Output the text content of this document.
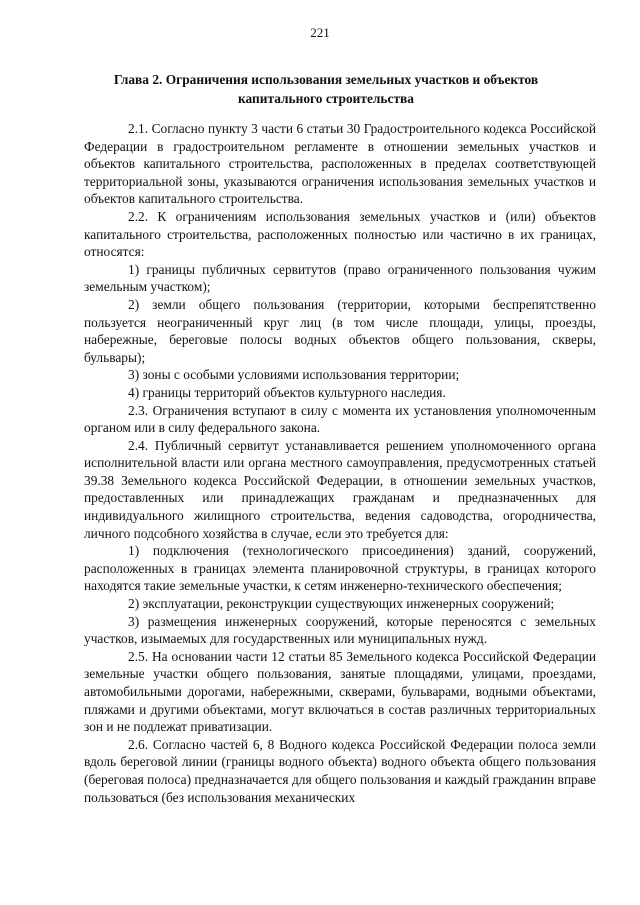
221
Глава 2. Ограничения использования земельных участков и объектов капитального строительства

2.1. Согласно пункту 3 части 6 статьи 30 Градостроительного кодекса Российской Федерации в градостроительном регламенте в отношении земельных участков и объектов капитального строительства, расположенных в пределах соответствующей территориальной зоны, указываются ограничения использования земельных участков и объектов капитального строительства.

2.2. К ограничениям использования земельных участков и (или) объектов капитального строительства, расположенных полностью или частично в их границах, относятся:

1) границы публичных сервитутов (право ограниченного пользования чужим земельным участком);

2) земли общего пользования (территории, которыми беспрепятственно пользуется неограниченный круг лиц (в том числе площади, улицы, проезды, набережные, береговые полосы водных объектов общего пользования, скверы, бульвары);

3) зоны с особыми условиями использования территории;

4) границы территорий объектов культурного наследия.

2.3. Ограничения вступают в силу с момента их установления уполномоченным органом или в силу федерального закона.

2.4. Публичный сервитут устанавливается решением уполномоченного органа исполнительной власти или органа местного самоуправления, предусмотренных статьей 39.38 Земельного кодекса Российской Федерации, в отношении земельных участков, предоставленных или принадлежащих гражданам и предназначенных для индивидуального жилищного строительства, ведения садоводства, огородничества, личного подсобного хозяйства в случае, если это требуется для:

1) подключения (технологического присоединения) зданий, сооружений, расположенных в границах элемента планировочной структуры, в границах которого находятся такие земельные участки, к сетям инженерно-технического обеспечения;

2) эксплуатации, реконструкции существующих инженерных сооружений;

3) размещения инженерных сооружений, которые переносятся с земельных участков, изымаемых для государственных или муниципальных нужд.

2.5. На основании части 12 статьи 85 Земельного кодекса Российской Федерации земельные участки общего пользования, занятые площадями, улицами, проездами, автомобильными дорогами, набережными, скверами, бульварами, водными объектами, пляжами и другими объектами, могут включаться в состав различных территориальных зон и не подлежат приватизации.

2.6. Согласно частей 6, 8 Водного кодекса Российской Федерации полоса земли вдоль береговой линии (границы водного объекта) водного объекта общего пользования (береговая полоса) предназначается для общего пользования и каждый гражданин вправе пользоваться (без использования механических
